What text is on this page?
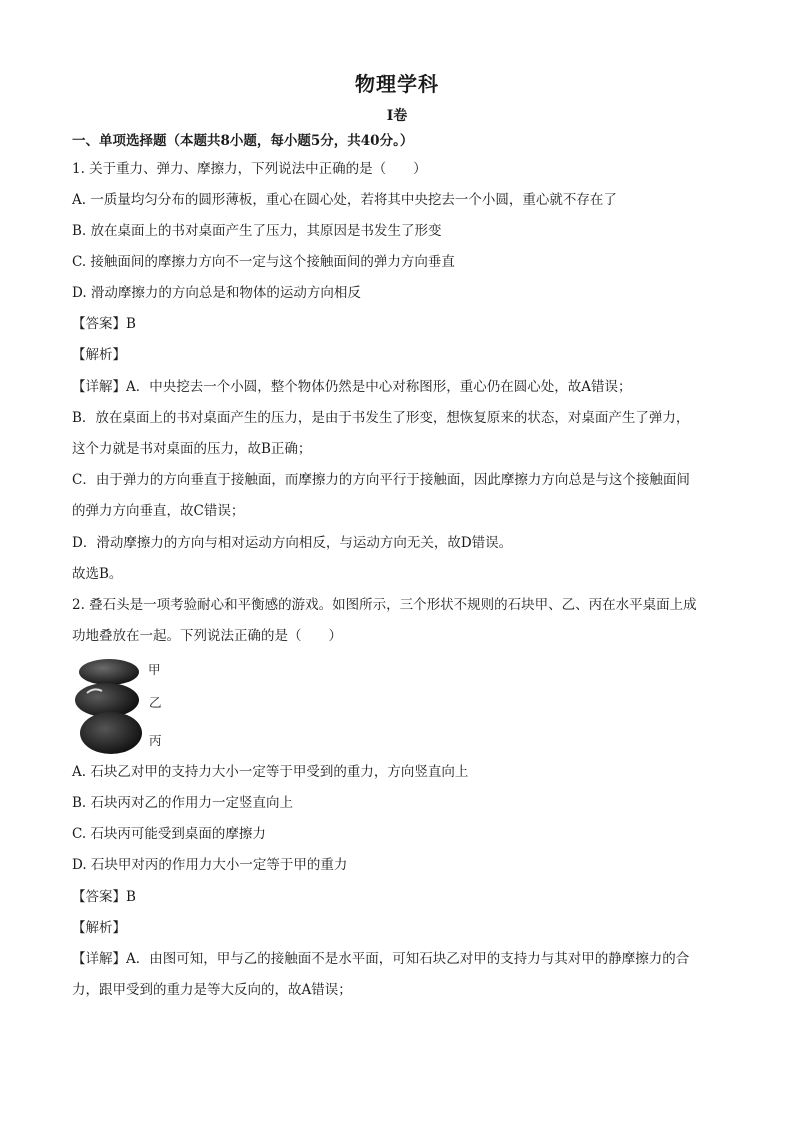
物理学科
I卷
一、单项选择题（本题共8小题，每小题5分，共40分。）
1. 关于重力、弹力、摩擦力，下列说法中正确的是（　　）
A. 一质量均匀分布的圆形薄板，重心在圆心处，若将其中央挖去一个小圆，重心就不存在了
B. 放在桌面上的书对桌面产生了压力，其原因是书发生了形变
C. 接触面间的摩擦力方向不一定与这个接触面间的弹力方向垂直
D. 滑动摩擦力的方向总是和物体的运动方向相反
【答案】B
【解析】
【详解】A．中央挖去一个小圆，整个物体仍然是中心对称图形，重心仍在圆心处，故A错误；
B．放在桌面上的书对桌面产生的压力，是由于书发生了形变，想恢复原来的状态，对桌面产生了弹力，
这个力就是书对桌面的压力，故B正确；
C．由于弹力的方向垂直于接触面，而摩擦力的方向平行于接触面，因此摩擦力方向总是与这个接触面间
的弹力方向垂直，故C错误；
D．滑动摩擦力的方向与相对运动方向相反，与运动方向无关，故D错误。
故选B。
2. 叠石头是一项考验耐心和平衡感的游戏。如图所示，三个形状不规则的石块甲、乙、丙在水平桌面上成
功地叠放在一起。下列说法正确的是（　　）
甲
乙
丙
A. 石块乙对甲的支持力大小一定等于甲受到的重力，方向竖直向上
B. 石块丙对乙的作用力一定竖直向上
C. 石块丙可能受到桌面的摩擦力
D. 石块甲对丙的作用力大小一定等于甲的重力
【答案】B
【解析】
【详解】A．由图可知，甲与乙的接触面不是水平面，可知石块乙对甲的支持力与其对甲的静摩擦力的合
力，跟甲受到的重力是等大反向的，故A错误；
